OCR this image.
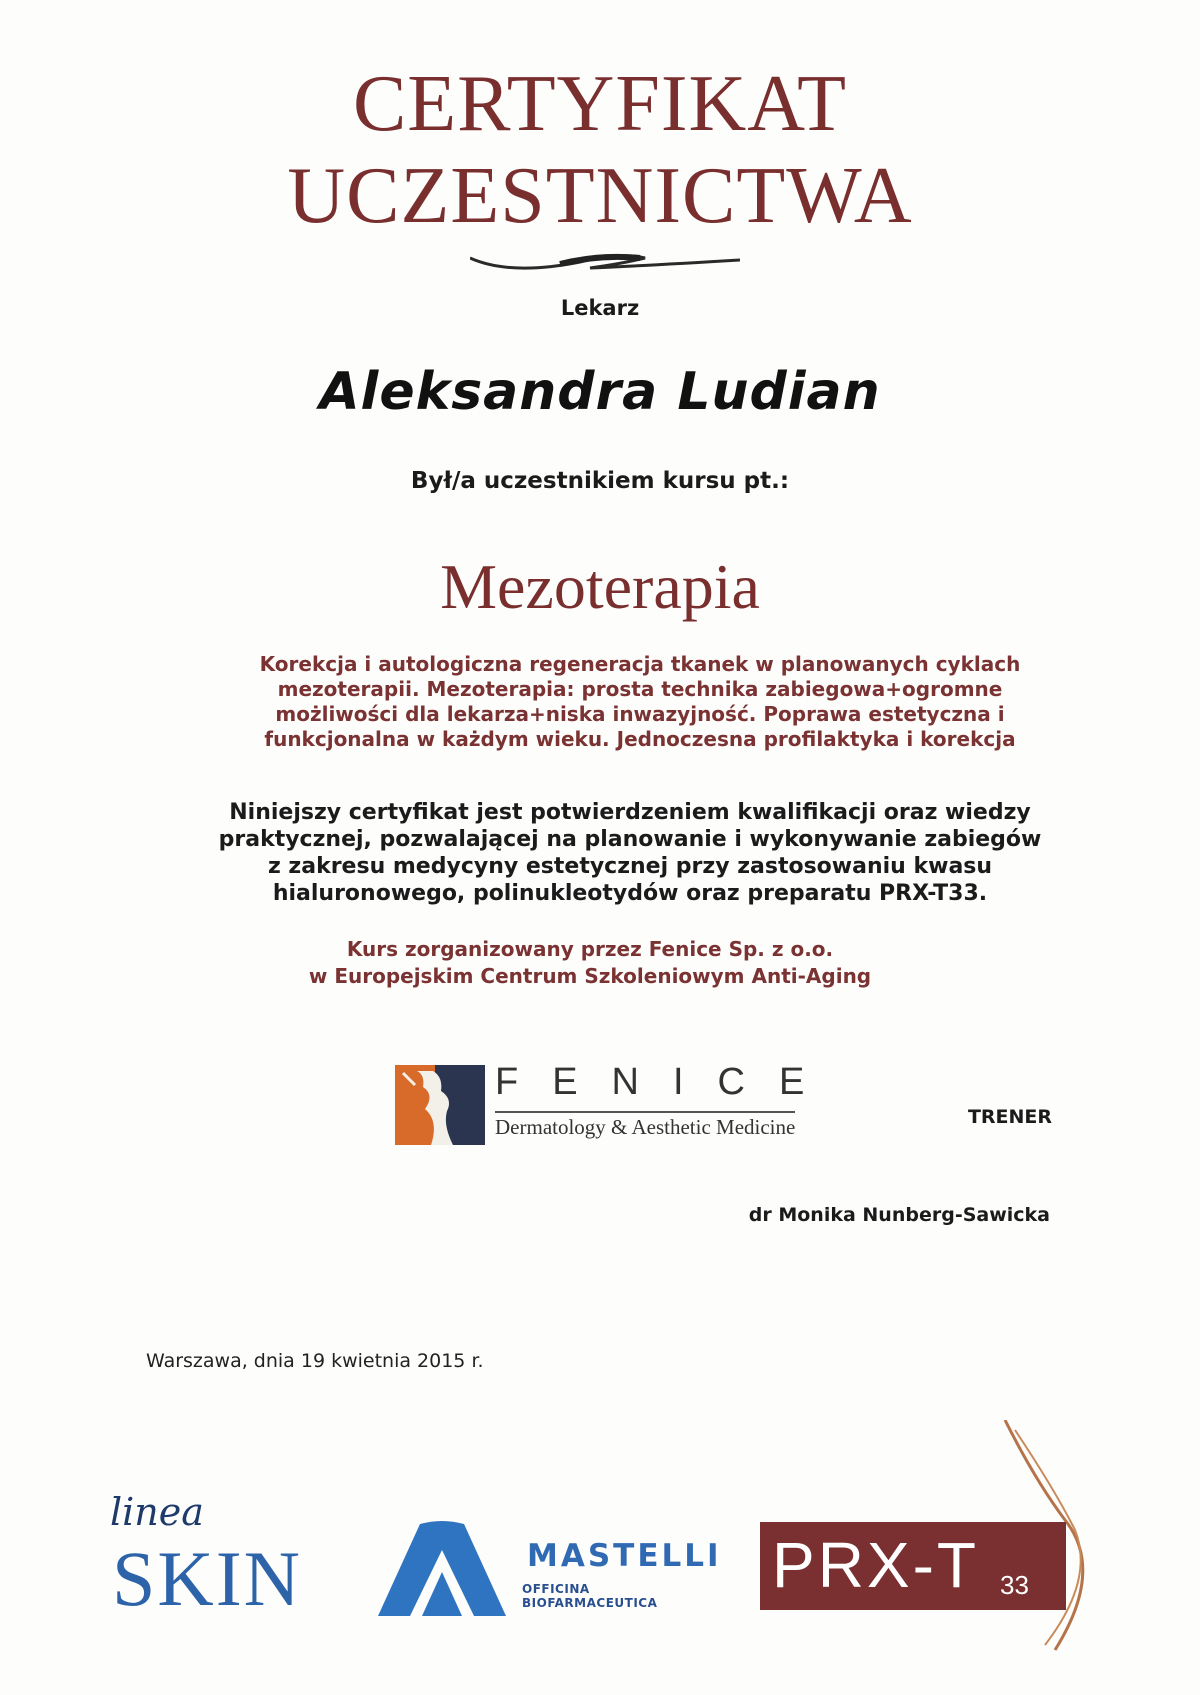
CERTYFIKAT
UCZESTNICTWA
Lekarz
Aleksandra Ludian
Był/a uczestnikiem kursu pt.:
Mezoterapia
Korekcja i autologiczna regeneracja tkanek w planowanych cyklach
mezoterapii. Mezoterapia: prosta technika zabiegowa+ogromne
możliwości dla lekarza+niska inwazyjność. Poprawa estetyczna i
funkcjonalna w każdym wieku. Jednoczesna profilaktyka i korekcja
Niniejszy certyfikat jest potwierdzeniem kwalifikacji oraz wiedzy
praktycznej, pozwalającej na planowanie i wykonywanie zabiegów
z zakresu medycyny estetycznej przy zastosowaniu kwasu
hialuronowego, polinukleotydów oraz preparatu PRX-T33.
Kurs zorganizowany przez Fenice Sp. z o.o.
w Europejskim Centrum Szkoleniowym Anti-Aging
FENICE
Dermatology & Aesthetic Medicine	TRENER
dr Monika Nunberg-Sawicka
Warszawa, dnia 19 kwietnia 2015 r.
linea
SKIN	MASTELLI
OFFICINA BIOFARMACEUTICA
PRX-T 33
